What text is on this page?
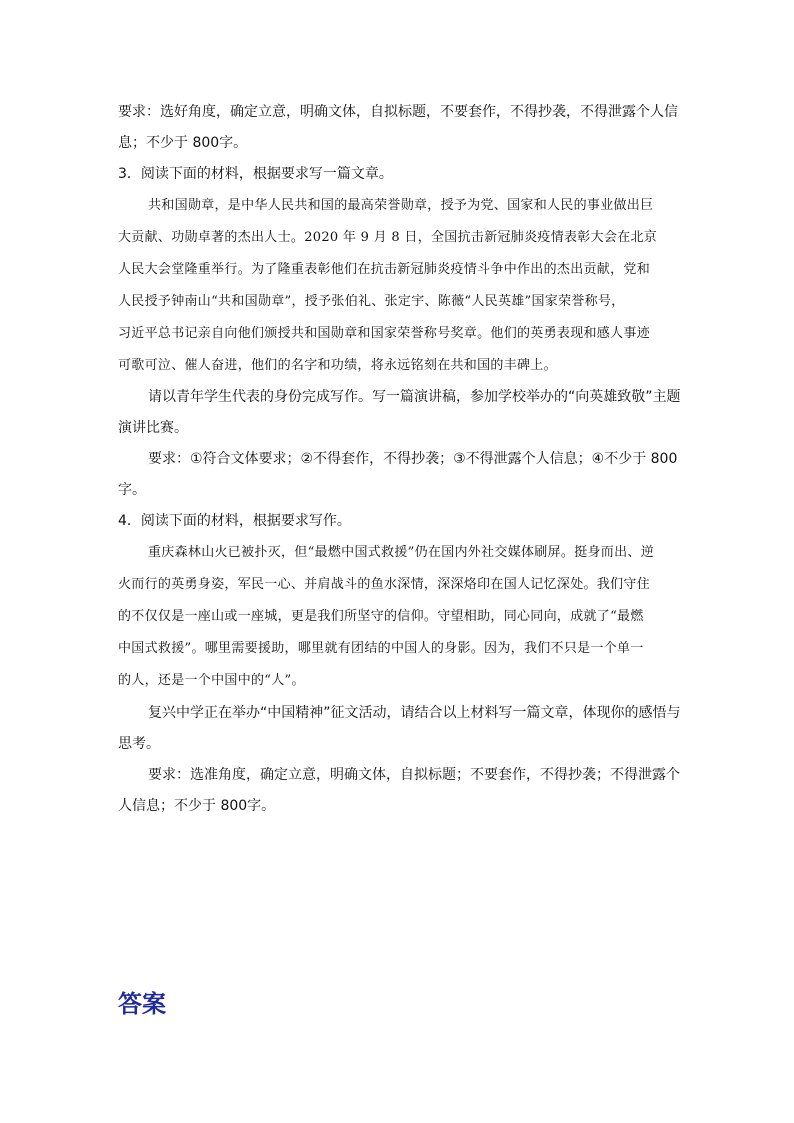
要求：选好角度，确定立意，明确文体，自拟标题，不要套作，不得抄袭，不得泄露个人信
息；不少于 800字。
3．阅读下面的材料，根据要求写一篇文章。
共和国勋章，是中华人民共和国的最高荣誉勋章，授予为党、国家和人民的事业做出巨
大贡献、功勋卓著的杰出人士。2020 年 9 月 8 日，全国抗击新冠肺炎疫情表彰大会在北京
人民大会堂隆重举行。为了隆重表彰他们在抗击新冠肺炎疫情斗争中作出的杰出贡献，党和
人民授予钟南山“共和国勋章”，授予张伯礼、张定宇、陈薇“人民英雄”国家荣誉称号，
习近平总书记亲自向他们颁授共和国勋章和国家荣誉称号奖章。他们的英勇表现和感人事迹
可歌可泣、催人奋进，他们的名字和功绩，将永远铭刻在共和国的丰碑上。
请以青年学生代表的身份完成写作。写一篇演讲稿，参加学校举办的“向英雄致敬”主题
演讲比赛。
要求：①符合文体要求；②不得套作，不得抄袭；③不得泄露个人信息；④不少于 800
字。
4．阅读下面的材料，根据要求写作。
重庆森林山火已被扑灭，但“最燃中国式救援”仍在国内外社交媒体刷屏。挺身而出、逆
火而行的英勇身姿，军民一心、并肩战斗的鱼水深情，深深烙印在国人记忆深处。我们守住
的不仅仅是一座山或一座城，更是我们所坚守的信仰。守望相助，同心同向，成就了“最燃
中国式救援”。哪里需要援助，哪里就有团结的中国人的身影。因为，我们不只是一个单一
的人，还是一个中国中的“人”。
复兴中学正在举办“中国精神”征文活动，请结合以上材料写一篇文章，体现你的感悟与
思考。
要求：选准角度，确定立意，明确文体，自拟标题；不要套作，不得抄袭；不得泄露个
人信息；不少于 800字。
答案
